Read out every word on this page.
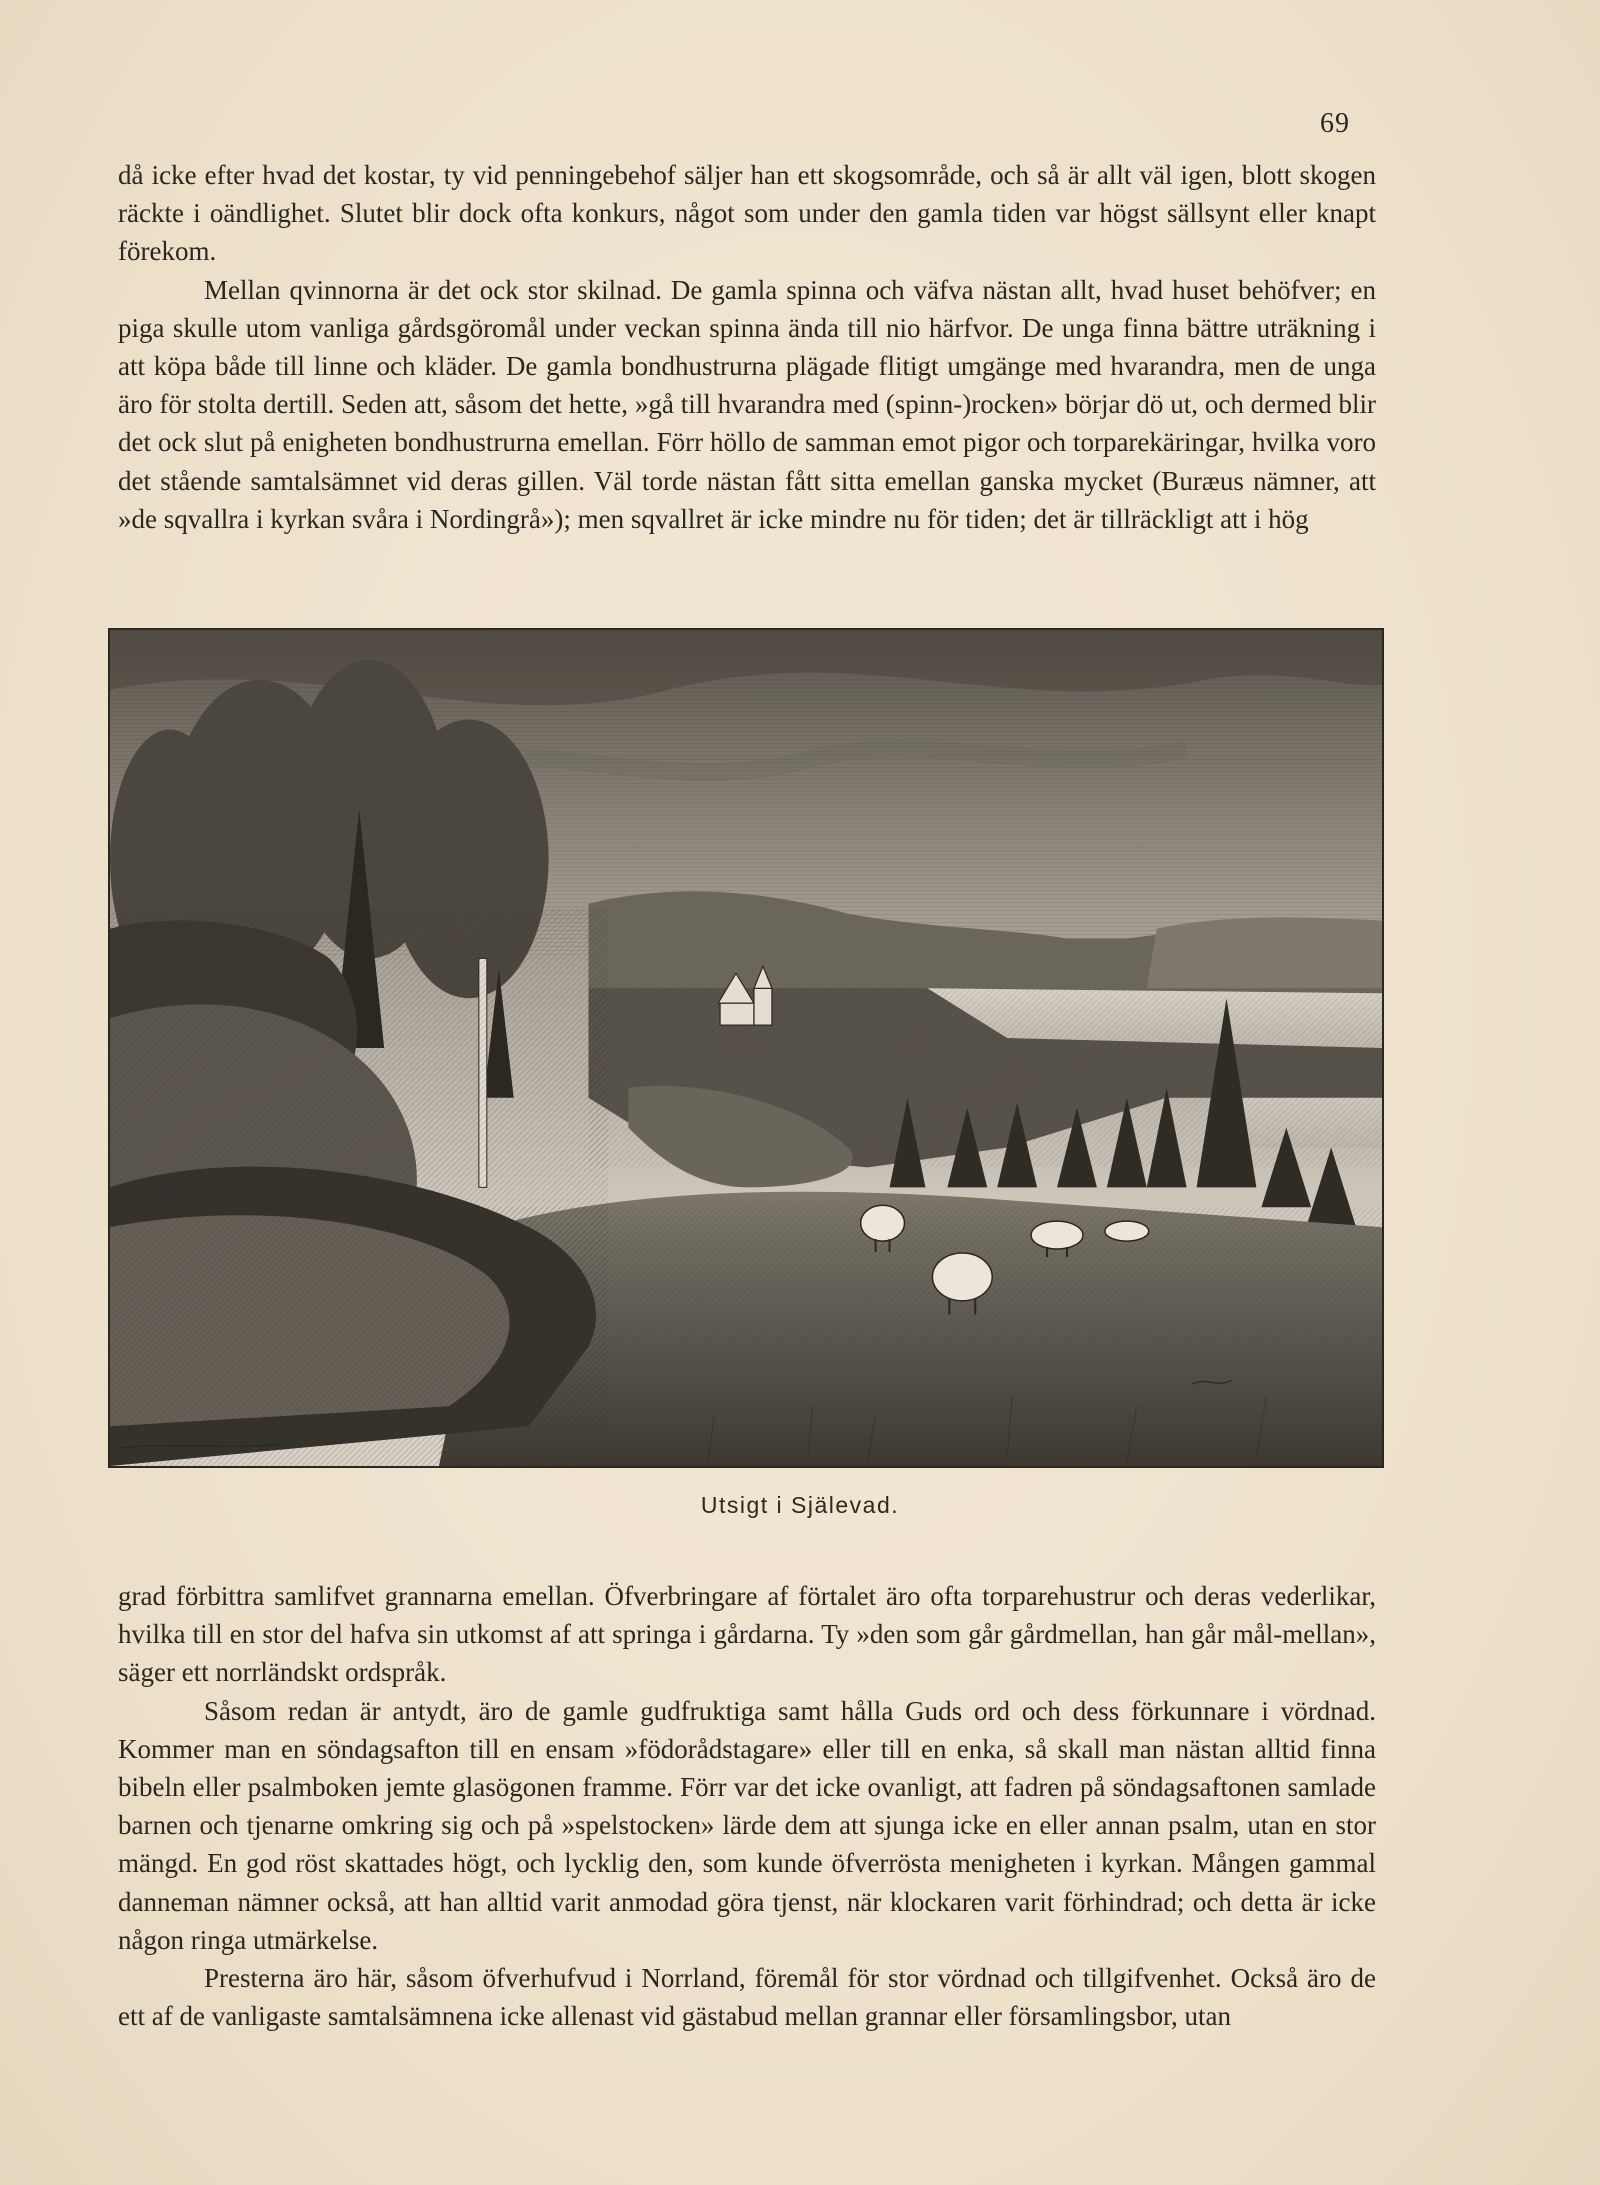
69

då icke efter hvad det kostar, ty vid penningebehof säljer han ett skogsområde, och så är allt väl igen, blott skogen räckte i oändlighet. Slutet blir dock ofta konkurs, något som under den gamla tiden var högst sällsynt eller knapt förekom.

Mellan qvinnorna är det ock stor skilnad. De gamla spinna och väfva nästan allt, hvad huset behöfver; en piga skulle utom vanliga gårdsgöromål under veckan spinna ända till nio härfvor. De unga finna bättre uträkning i att köpa både till linne och kläder. De gamla bondhustrurna plägade flitigt umgänge med hvarandra, men de unga äro för stolta dertill. Seden att, såsom det hette, »gå till hvarandra med (spinn-)rocken» börjar dö ut, och dermed blir det ock slut på enigheten bondhustrurna emellan. Förr höllo de samman emot pigor och torparekäringar, hvilka voro det stående samtalsämnet vid deras gillen. Väl torde nästan fått sitta emellan ganska mycket (Buræus nämner, att »de sqvallra i kyrkan svåra i Nordingrå»); men sqvallret är icke mindre nu för tiden; det är tillräckligt att i hög

Utsigt i Själevad.

grad förbittra samlifvet grannarna emellan. Öfverbringare af förtalet äro ofta torparehustrur och deras vederlikar, hvilka till en stor del hafva sin utkomst af att springa i gårdarna. Ty »den som går gårdmellan, han går mål-mellan», säger ett norrländskt ordspråk.

Såsom redan är antydt, äro de gamle gudfruktiga samt hålla Guds ord och dess förkunnare i vördnad. Kommer man en söndagsafton till en ensam »födorådstagare» eller till en enka, så skall man nästan alltid finna bibeln eller psalmboken jemte glasögonen framme. Förr var det icke ovanligt, att fadren på söndagsaftonen samlade barnen och tjenarne omkring sig och på »spelstocken» lärde dem att sjunga icke en eller annan psalm, utan en stor mängd. En god röst skattades högt, och lycklig den, som kunde öfverrösta menigheten i kyrkan. Mången gammal danneman nämner också, att han alltid varit anmodad göra tjenst, när klockaren varit förhindrad; och detta är icke någon ringa utmärkelse.

Presterna äro här, såsom öfverhufvud i Norrland, föremål för stor vördnad och tillgifvenhet. Också äro de ett af de vanligaste samtalsämnena icke allenast vid gästabud mellan grannar eller församlingsbor, utan
